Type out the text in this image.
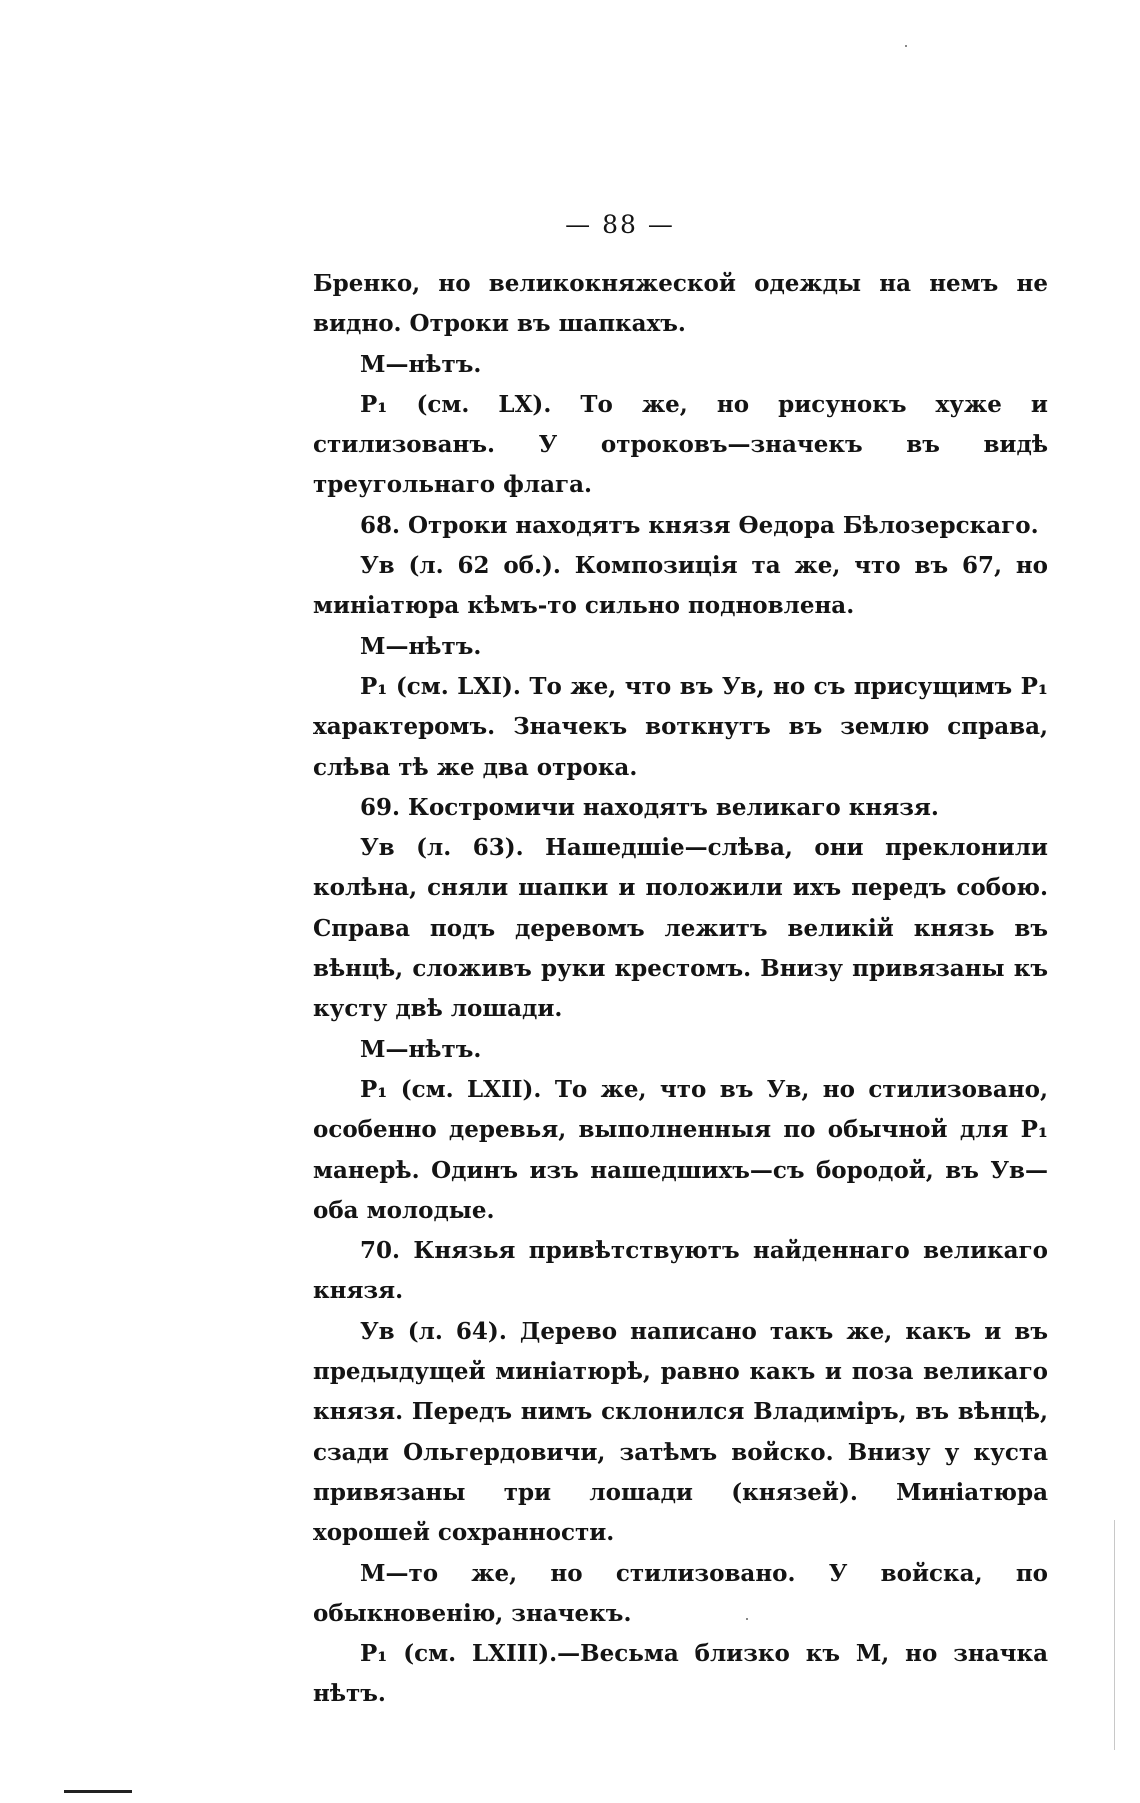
— 88 —

Бренко, но великокняжеской одежды на немъ не видно. Отроки въ шапкахъ.

М—нѣтъ.

P₁ (см. LX). То же, но рисунокъ хуже и стилизованъ. У отроковъ—значекъ въ видѣ треугольнаго флага.

68. Отроки находятъ князя Ѳедора Бѣлозерскаго.

Ув (л. 62 об.). Композиція та же, что въ 67, но миніатюра кѣмъ-то сильно подновлена.

М—нѣтъ.

P₁ (см. LXI). То же, что въ Ув, но съ присущимъ P₁ характеромъ. Значекъ воткнутъ въ землю справа, слѣва тѣ же два отрока.

69. Костромичи находятъ великаго князя.

Ув (л. 63). Нашедшіе—слѣва, они преклонили колѣна, сняли шапки и положили ихъ передъ собою. Справа подъ деревомъ лежитъ великій князь въ вѣнцѣ, сложивъ руки крестомъ. Внизу привязаны къ кусту двѣ лошади.

М—нѣтъ.

P₁ (см. LXII). То же, что въ Ув, но стилизовано, особенно деревья, выполненныя по обычной для P₁ манерѣ. Одинъ изъ нашедшихъ—съ бородой, въ Ув—оба молодые.

70. Князья привѣтствуютъ найденнаго великаго князя.

Ув (л. 64). Дерево написано такъ же, какъ и въ предыдущей миніатюрѣ, равно какъ и поза великаго князя. Передъ нимъ склонился Владиміръ, въ вѣнцѣ, сзади Ольгердовичи, затѣмъ войско. Внизу у куста привязаны три лошади (князей). Миніатюра хорошей сохранности.

М—то же, но стилизовано. У войска, по обыкновенію, значекъ.

P₁ (см. LXIII).—Весьма близко къ М, но значка нѣтъ.
